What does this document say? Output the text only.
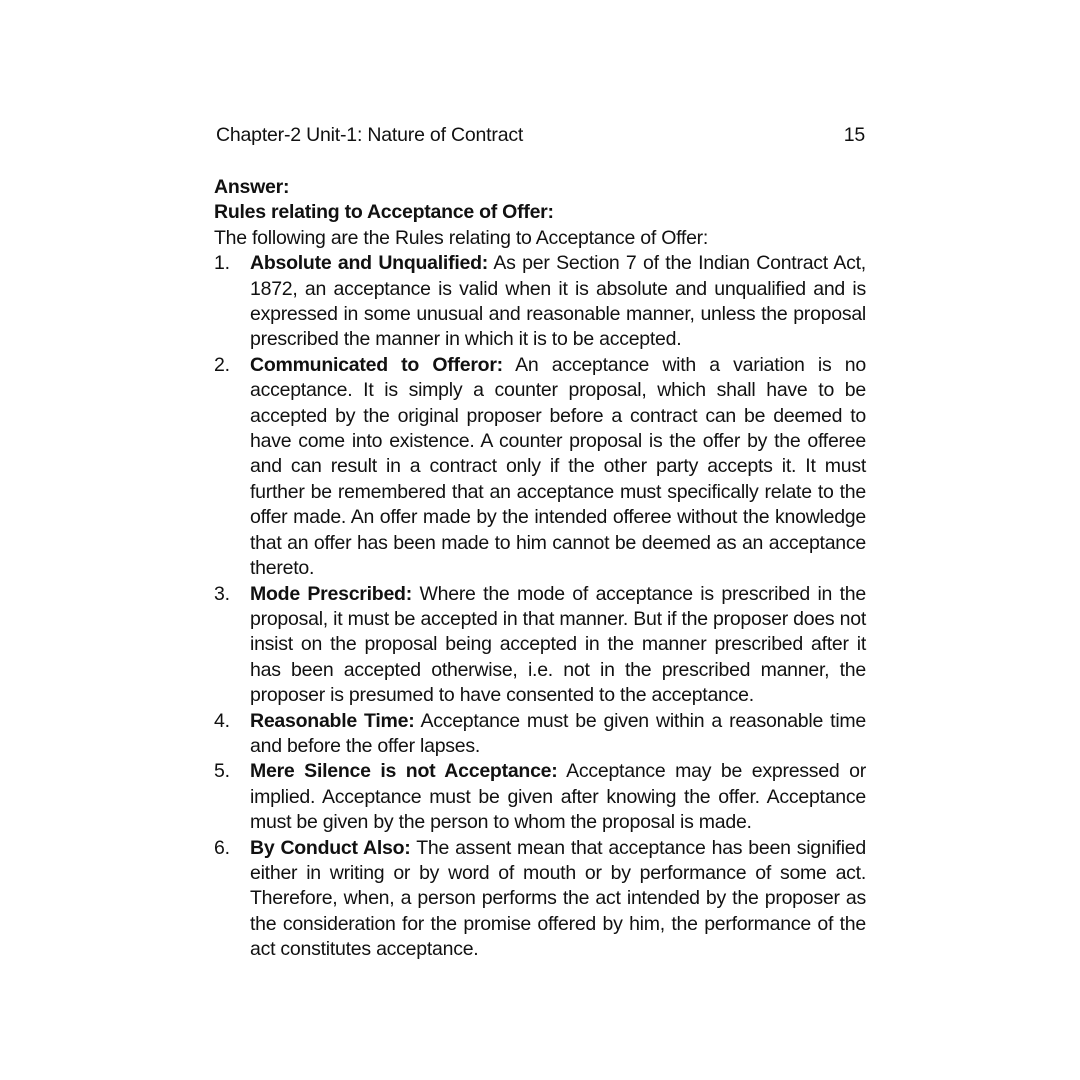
Chapter-2 Unit-1: Nature of Contract	15

Answer:

Rules relating to Acceptance of Offer:

The following are the Rules relating to Acceptance of Offer:

1. Absolute and Unqualified: As per Section 7 of the Indian Contract Act, 1872, an acceptance is valid when it is absolute and unqualified and is expressed in some unusual and reasonable manner, unless the proposal prescribed the manner in which it is to be accepted.
2. Communicated to Offeror: An acceptance with a variation is no acceptance. It is simply a counter proposal, which shall have to be accepted by the original proposer before a contract can be deemed to have come into existence. A counter proposal is the offer by the offeree and can result in a contract only if the other party accepts it. It must further be remembered that an acceptance must specifically relate to the offer made. An offer made by the intended offeree without the knowledge that an offer has been made to him cannot be deemed as an acceptance thereto.
3. Mode Prescribed: Where the mode of acceptance is prescribed in the proposal, it must be accepted in that manner. But if the proposer does not insist on the proposal being accepted in the manner prescribed after it has been accepted otherwise, i.e. not in the prescribed manner, the proposer is presumed to have consented to the acceptance.
4. Reasonable Time: Acceptance must be given within a reasonable time and before the offer lapses.
5. Mere Silence is not Acceptance: Acceptance may be expressed or implied. Acceptance must be given after knowing the offer. Acceptance must be given by the person to whom the proposal is made.
6. By Conduct Also: The assent mean that acceptance has been signified either in writing or by word of mouth or by performance of some act. Therefore, when, a person performs the act intended by the proposer as the consideration for the promise offered by him, the performance of the act constitutes acceptance.
